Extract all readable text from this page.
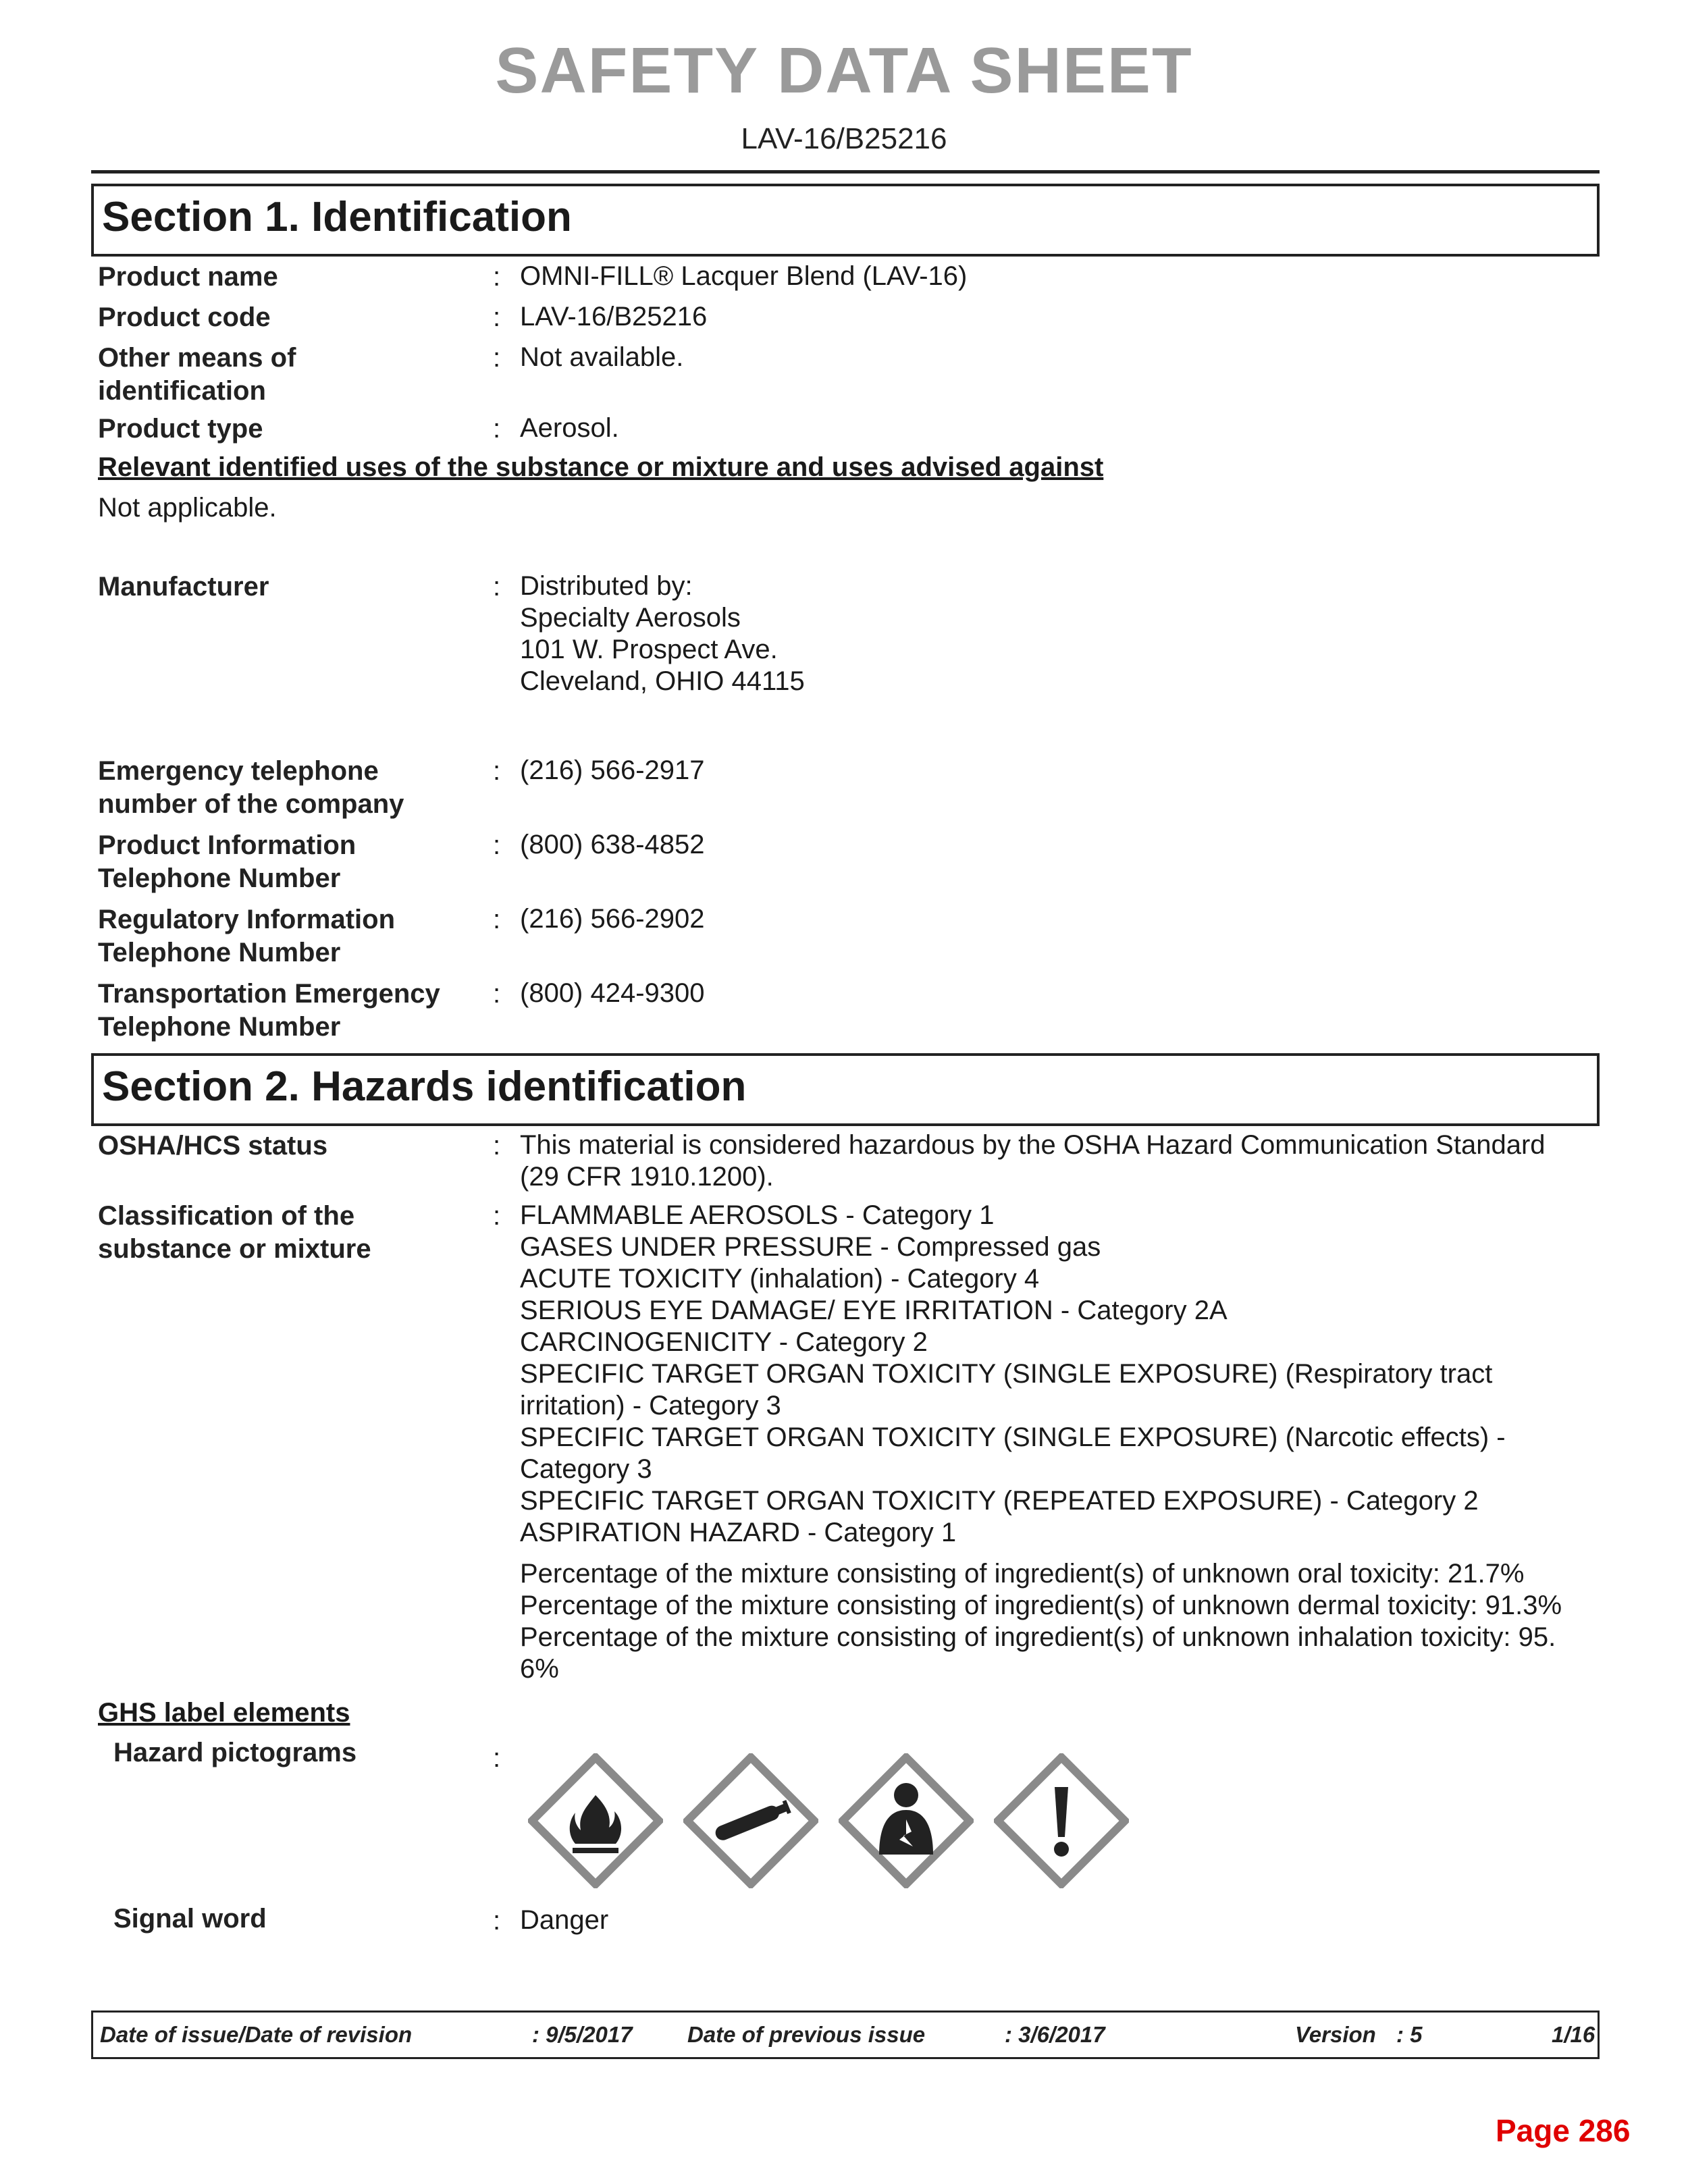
SAFETY DATA SHEET
LAV-16/B25216
Section 1. Identification
Product name	: OMNI-FILL® Lacquer Blend (LAV-16)
Product code	: LAV-16/B25216
Other means of
identification
: Not available.
Product type	: Aerosol.
Relevant identified uses of the substance or mixture and uses advised against
Not applicable.
Manufacturer	: Distributed by:
Specialty Aerosols
101 W. Prospect Ave.
Cleveland, OHIO 44115
Emergency telephone
number of the company
: (216) 566-2917
Product Information
Telephone Number
: (800) 638-4852
Regulatory Information
Telephone Number
: (216) 566-2902
Transportation Emergency
Telephone Number
: (800) 424-9300
Section 2. Hazards identification
OSHA/HCS status	: This material is considered hazardous by the OSHA Hazard Communication Standard
(29 CFR 1910.1200).
Classification of the
substance or mixture
: FLAMMABLE AEROSOLS - Category 1
GASES UNDER PRESSURE - Compressed gas
ACUTE TOXICITY (inhalation) - Category 4
SERIOUS EYE DAMAGE/ EYE IRRITATION - Category 2A
CARCINOGENICITY - Category 2
SPECIFIC TARGET ORGAN TOXICITY (SINGLE EXPOSURE) (Respiratory tract
irritation) - Category 3
SPECIFIC TARGET ORGAN TOXICITY (SINGLE EXPOSURE) (Narcotic effects) -
Category 3
SPECIFIC TARGET ORGAN TOXICITY (REPEATED EXPOSURE) - Category 2
ASPIRATION HAZARD - Category 1
Percentage of the mixture consisting of ingredient(s) of unknown oral toxicity: 21.7%
Percentage of the mixture consisting of ingredient(s) of unknown dermal toxicity: 91.3%
Percentage of the mixture consisting of ingredient(s) of unknown inhalation toxicity: 95.
6%
GHS label elements
Hazard pictograms	:
Signal word	: Danger
Date of issue/Date of revision	: 9/5/2017 Date of previous issue	: 3/6/2017	Version : 5	1/16
Page 286
